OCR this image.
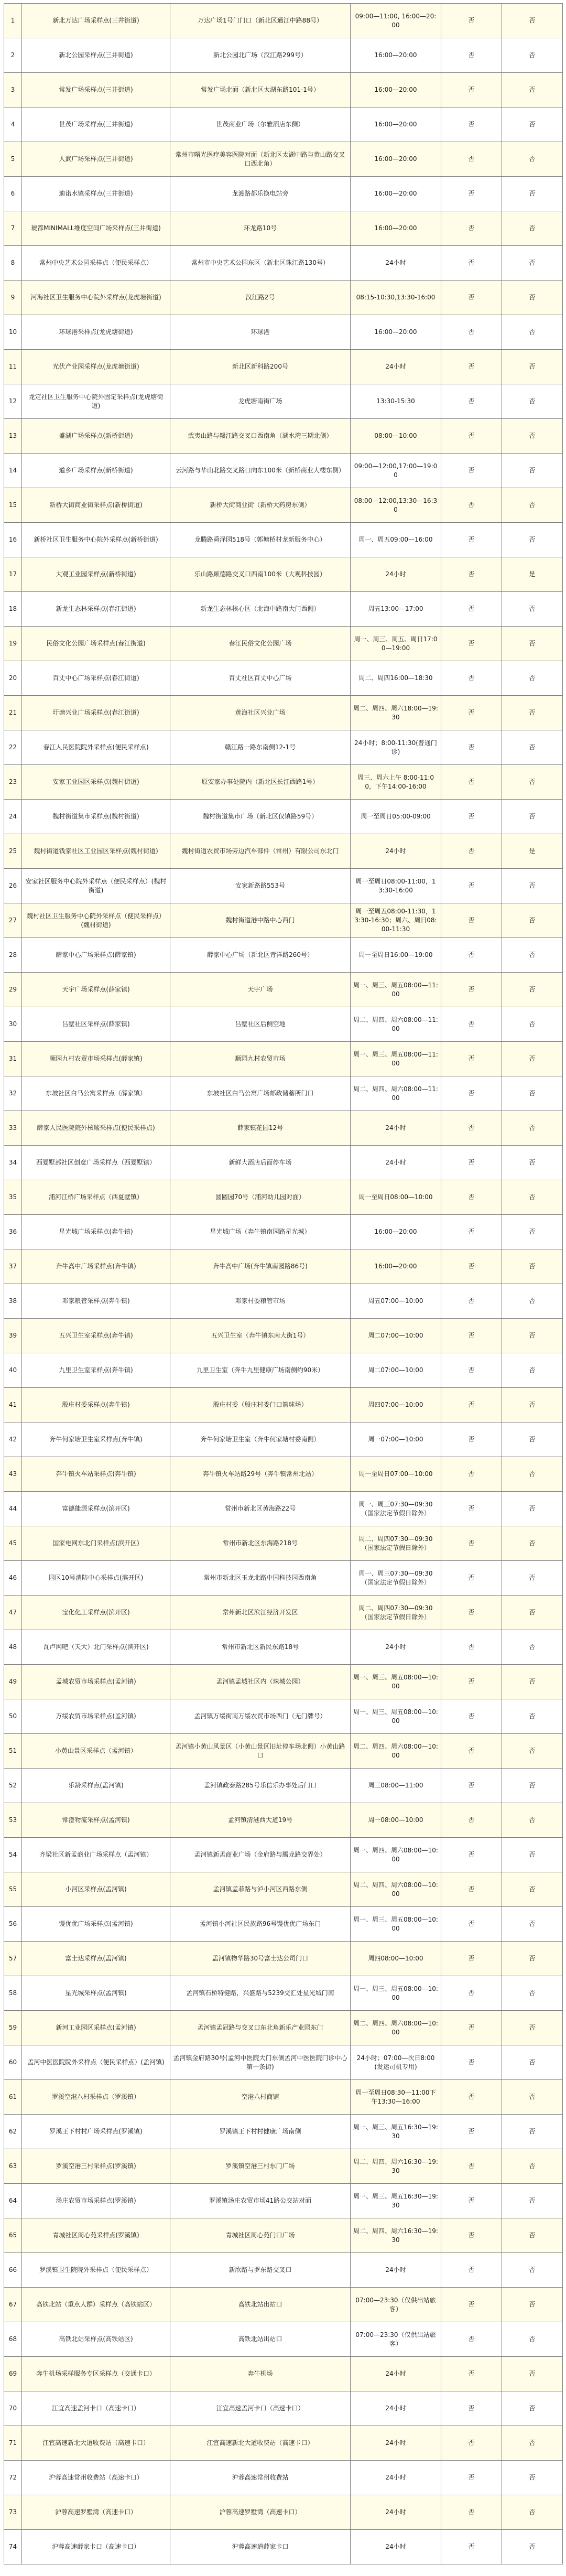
1	新北万达广场采样点(三井街道)	万达广场1号门门口（新北区通江中路88号）	09:00—11:00, 16:00—20:00	否	否
2	新北公园采样点(三井街道)	新北公园北广场（汉江路299号）	16:00—20:00	否	否
3	常发广场采样点(三井街道)	常发广场北面（新北区太湖东路101-1号）	16:00—20:00	否	否
4	世茂广场采样点(三井街道)	世茂商业广场（尔雅酒店东侧）	16:00—20:00	否	否
5	人武广场采样点(三井街道)	常州市曙光医疗美容医院对面（新北区太湖中路与黄山路交叉口西北角）	16:00—20:00	否	否
6	迪诺水镇采样点(三井街道)	龙渡路都乐换电站旁	16:00—20:00	否	否
7	琥都MINIMALL维度空间广场采样点(三井街道)	环龙路10号	16:00—20:00	否	否
8	常州中央艺术公园采样点（便民采样点）	常州市中央艺术公园东区（新北区珠江路130号）	24小时	否	否
9	河海社区卫生服务中心院外采样点(龙虎塘街道)	汉江路2号	08:15-10:30,13:30-16:00	否	否
10	环球港采样点(龙虎塘街道)	环球港	16:00—20:00	否	否
11	光伏产业园采样点(龙虎塘街道)	新北区新科路200号	24小时	否	否
12	龙定社区卫生服务中心院外固定采样点(龙虎塘街道)	龙虎塘南街广场	13:30-15:30	否	否
13	盛湖广场采样点(新桥街道)	武夷山路与赣江路交叉口西南角（湖水湾三期北侧）	08:00—10:00	否	否
14	道乡广场采样点(新桥街道)	云河路与华山北路交叉路口向东100米（新桥商业大楼东侧）	09:00—12:00,17:00—19:00	否	否
15	新桥大街商业街采样点(新桥街道)	新桥大街商业街（新桥大药房东侧）	08:00—12:00,13:30—16:30	否	否
16	新桥社区卫生服务中心院外采样点(新桥街道)	龙腾路舜泽园518号（郭塘桥村龙新服务中心）	周一、周五09:00—16:00	否	否
17	大观工业园采样点(新桥街道)	乐山路顾德路交叉口西南100米（大观科技园）	24小时	否	是
18	新龙生态林采样点(春江街道)	新龙生态林核心区（北海中路南大门西侧）	周五13:00—17:00	否	否
19	民俗文化公园广场采样点(春江街道)	春江民俗文化公园广场	周一、周三、周五、周日17:00—19:00	否	否
20	百丈中心广场采样点(春江街道)	百丈社区百丈中心广场	周二、周四16:00—18:30	否	否
21	圩塘兴业广场采样点(春江街道)	黄海社区兴业广场	周二、周四、周六18:00—19:30	否	否
22	春江人民医院院外采样点(便民采样点)	赣江路一路东南侧12-1号	24小时；8:00-11:30(普通门诊)	否	否
23	安家工业园区采样点(魏村街道)	原安家办事处院内（新北区长江西路1号）	周三、周六上午 8:00-11:00，下午14:00-16:00	否	否
24	魏村街道集市采样点(魏村街道)	魏村街道集市广场（新北区仅镇路59号）	周一至周日05:00-09:00	否	否
25	魏村街道钱家社区工业园区采样点(魏村街道)	魏村街道农贸市场旁边汽车部件（常州）有限公司东北门	24小时	否	是
26	安家社区服务中心院外采样点（便民采样点）(魏村街道)	安家新路路553号	周一至周日08:00-11:00，13:30-16:00	否	否
27	魏村社区卫生服务中心院外采样点（便民采样点）(魏村街道)	魏村街道港中路中心西门	周一至周五08:00-11:30，13:30-16:30；周六、周日08:00-11:30	否	否
28	薛家中心广场采样点(薛家镇)	薛家中心广场（新北区青洋路260号）	周一至周日16:00—19:00	否	否
29	天宇广场采样点(薛家镇)	天宇广场	周一、周三、周五08:00—11:00	否	否
30	吕墅社区采样点(薛家镇)	吕墅社区后侧空地	周二、周四、周六08:00—11:00	否	否
31	顺园九村农贸市场采样点(薛家镇)	顺园九村农贸市场	周一、周三、周五08:00—11:00	否	否
32	东坡社区白马公寓采样点（薛家镇）	东坡社区白马公寓广场邮政储蓄所门口	周二、周四、周六08:00—11:00	否	否
33	薛家人民医院院外核酸采样点(便民采样点)	薛家镇花园12号	24小时	否	否
34	西夏墅部社区创意广场采样点（西夏墅镇）	新鲜大酒店后面停车场	24小时	否	否
35	浦河江桥广场采样点（西夏墅镇）	圆圆园70号（浦河幼儿园对面）	周一至周日08:00—10:00	否	否
36	星光城广场采样点(奔牛镇)	星光城广场（奔牛镇南园路星光城）	16:00—20:00	否	否
37	奔牛高中广场采样点(奔牛镇)	奔牛高中广场(奔牛镇南园路86号)	16:00—20:00	否	否
38	邓家粮管采样点(奔牛镇)	邓家村委粮管市场	周五07:00—10:00	否	否
39	五兴卫生室采样点(奔牛镇)	五兴卫生室（奔牛镇东南大街1号）	周二07:00—10:00	否	否
40	九里卫生室采样点(奔牛镇)	九里卫生室（奔牛九里健康广场南侧约90米）	周二07:00—10:00	否	否
41	殷庄村委采样点(奔牛镇)	殷庄村委（殷庄村委门口篮球场）	周四07:00—10:00	否	否
42	奔牛何家塘卫生室采样点(奔牛镇)	奔牛何家塘卫生室（奔牛何家塘村委南侧）	周一07:00—10:00	否	否
43	奔牛镇火车站采样点(奔牛镇)	奔牛镇火车站路29号（奔牛镇常州北站）	周一至周日07:00—10:00	否	否
44	富德能源采样点(滨开区)	常州市新北区黄海路22号	周一、周三07:30—09:30（国家法定节假日除外）	否	否
45	国家电网东北门采样点(滨开区)	常州市新北区东海路218号	周二、周四07:30—09:30（国家法定节假日除外）	否	否
46	园区10号消防中心采样点(滨开区)	常州市新北区玉龙北路中国科技园西南角	周一、周三07:30—09:30（国家法定节假日除外）	否	否
47	宝化化工采样点(滨开区)	常州新北区滨江经济开发区	周二、周四07:30—09:30（国家法定节假日除外）	否	否
48	瓦卢网吧（天大）北门采样点(滨开区)	常州市新北区新民东路18号	24小时	否	否
49	孟城农贸市场采样点(孟河镇)	孟河镇孟城社区内（珠城公园）	周一、周三、周五08:00—10:00	否	否
50	万绥农贸市场采样点(孟河镇)	孟河镇万绥街南万绥农贸市场西门（无门牌号）	周一、周三、周五08:00—10:00	否	否
51	小黄山景区采样点（孟河镇）	孟河镇小黄山风景区（小黄山景区旧址停车场北侧）小黄山路口	周二、周四、周六08:00—10:00	否	否
52	乐龄采样点(孟河镇)	孟河镇政泰路285号乐信乐办事处后门口	周三08:00—11:00	否	否
53	常澄物流采样点(孟河镇)	孟河镇清港西大道19号	周一08:00—10:00	否	否
54	齐梁社区新孟商业广场采样点（孟河镇）	孟河镇新孟商业广场（金府路与腾龙路交界处）	周一、周四、周六08:00—10:00	否	否
55	小河区采样点(孟河镇)	孟河镇孟菲路与泸小河区西路东侧	周二、周四、周六08:00—10:00	否	否
56	馒优优广场采样点(孟河镇)	孟河镇小河社区民族路96号馒优优广场东门	周一、周三、周五08:00—10:00	否	否
57	富士达采样点(孟河镇)	孟河镇物华路30号富士达公司门口	周四08:00—10:00	否	否
58	星光城采样点(孟河镇)	孟河镇石桥特健路，兴盛路与5239交汇处星光城门南	周一、周三、周五08:00—10:00	否	否
59	新河工业园区采样点(孟河镇)	孟河镇孟冠路与交叉口东北角新乐产业园东门	周二、周四、周六08:00—10:00	否	否
60	孟河中医医院院外采样点（便民采样点）(孟河镇)	孟河镇金府路30号(孟河中医院大门东侧孟河中医医院门诊中心第一条街)	24小时；07:00—次日8:00(发运司机专用)	否	否
61	罗溪空港八村采样点（罗溪镇）	空港八村商铺	周一至周日08:30—11:00下午13:30—16:00	否	否
62	罗溪王下村村广场采样点(罗溪镇)	罗溪镇王下村村健康广场南侧	周一、周三、周五16:30—19:30	否	否
63	罗溪空港三村采样点(罗溪镇)	罗溪镇空港三村东门广场	周二、周四、周六16:30—19:30	否	否
64	汤庄农贸市场采样点(罗溪镇)	罗溪镇汤庄农贸市场41路公交站对面	周一、周三、周五16:30—19:30	否	否
65	青城社区周心苑采样点(罗溪镇)	青城社区周心苑门口广场	周二、周四、周六16:30—19:30	否	否
66	罗溪镇卫生院院外采样点（便民采样点）	新欣路与罗东路交叉口	24小时	否	否
67	高铁北站（重点人群）采样点（高铁站区）	高铁北站出站口	07:00—23:30（仅供出站旅客）	否	否
68	高铁北站采样点(高铁站区)	高铁北站出站口	07:00—23:30（仅供出站旅客）	否	否
69	奔牛机场采样服务专区采样点（交通卡口）	奔牛机场	24小时	否	否
70	江宜高速孟河卡口（高速卡口）	江宜高速孟河卡口（高速卡口）	24小时	否	否
71	江宜高速新北大道收费站（高速卡口）	江宜高速新北大道收费站（高速卡口）	24小时	否	否
72	沪蓉高速常州收费站（高速卡口）	沪蓉高速常州收费站	24小时	否	否
73	沪蓉高速罗墅湾（高速卡口）	沪蓉高速罗墅湾（高速卡口）	24小时	否	否
74	沪蓉高速薛家卡口（高速卡口）	沪蓉高速道薛家卡口	24小时	否	否
